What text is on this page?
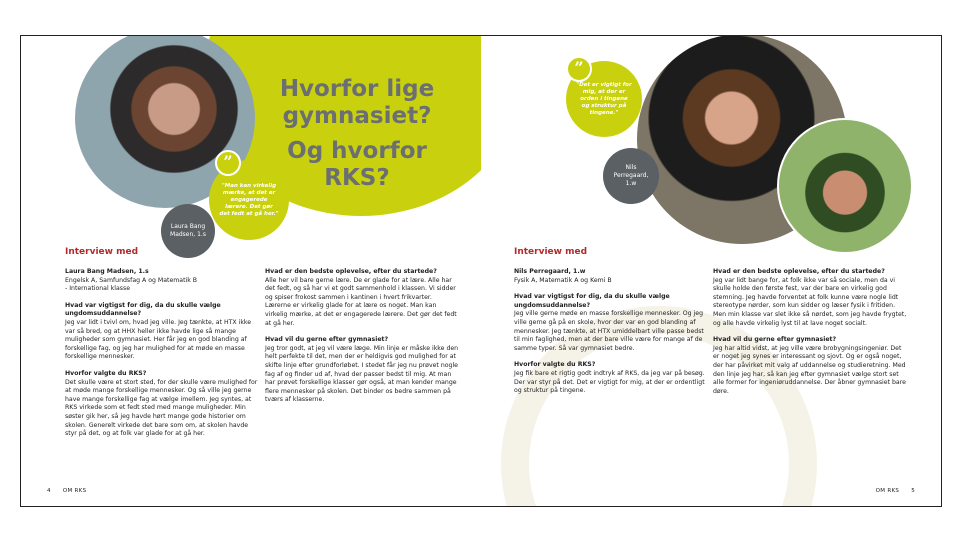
Hvorfor lige gymnasiet?
Og hvorfor RKS?
"Man kan virkelig mærke, at det er engagerede lærere. Det gør det fedt at gå her."
”
Laura Bang Madsen, 1.s
Interview med

Laura Bang Madsen, 1.s
Engelsk A, Samfundsfag A og Matematik B
- International klasse

Hvad var vigtigst for dig, da du skulle vælge ungdomsuddannelse?

Jeg var lidt i tvivl om, hvad jeg ville. Jeg tænkte, at HTX ikke var så bred, og at HHX heller ikke havde lige så mange muligheder som gymnasiet. Her får jeg en god blanding af forskellige fag, og jeg har mulighed for at møde en masse forskellige mennesker.

Hvorfor valgte du RKS?

Det skulle være et stort sted, for der skulle være mulighed for at møde mange forskellige mennesker. Og så ville jeg gerne have mange forskellige fag at vælge imellem. Jeg syntes, at RKS virkede som et fedt sted med mange muligheder. Min søster gik her, så jeg havde hørt mange gode historier om skolen. Generelt virkede det bare som om, at skolen havde styr på det, og at folk var glade for at gå her.

Hvad er den bedste oplevelse, efter du startede?

Alle her vil bare gerne lære. De er glade for at lære. Alle har det fedt, og så har vi et godt sammenhold i klassen. Vi sidder og spiser frokost sammen i kantinen i hvert frikvarter. Lærerne er virkelig glade for at lære os noget. Man kan virkelig mærke, at det er engagerede lærere. Det gør det fedt at gå her.

Hvad vil du gerne efter gymnasiet?

Jeg tror godt, at jeg vil være læge. Min linje er måske ikke den helt perfekte til det, men der er heldigvis god mulighed for at skifte linje efter grundforløbet. I stedet får jeg nu prøvet nogle fag af og finder ud af, hvad der passer bedst til mig. At man har prøvet forskellige klasser gør også, at man kender mange flere mennesker på skolen. Det binder os bedre sammen på tværs af klasserne.

4 OM RKS	OM RKS 5
"Det er vigtigt for mig, at der er orden i tingene og struktur på tingene."
”
Nils Perregaard, 1.w
Interview med

Nils Perregaard, 1.w
Fysik A, Matematik A og Kemi B

Hvad var vigtigst for dig, da du skulle vælge ungdomsuddannelse?

Jeg ville gerne møde en masse forskellige mennesker. Og jeg ville gerne gå på en skole, hvor der var en god blanding af mennesker. Jeg tænkte, at HTX umiddelbart ville passe bedst til min faglighed, men at der bare ville være for mange af de samme typer. Så var gymnasiet bedre.

Hvorfor valgte du RKS?

Jeg fik bare et rigtig godt indtryk af RKS, da jeg var på besøg. Der var styr på det. Det er vigtigt for mig, at der er ordentligt og struktur på tingene.

Hvad er den bedste oplevelse, efter du startede?

Jeg var lidt bange for, at folk ikke var så sociale, men da vi skulle holde den første fest, var der bare en virkelig god stemning. Jeg havde forventet at folk kunne være nogle lidt stereotype nørder, som kun sidder og læser fysik i fritiden. Men min klasse var slet ikke så nørdet, som jeg havde frygtet, og alle havde virkelig lyst til at lave noget socialt.

Hvad vil du gerne efter gymnasiet?

Jeg har altid vidst, at jeg ville være brobygningsingeniør. Det er noget jeg synes er interessant og sjovt. Og er også noget, der har påvirket mit valg af uddannelse og studieretning. Med den linje jeg har, så kan jeg efter gymnasiet vælge stort set alle former for ingeniøruddannelse. Der åbner gymnasiet bare døre.
